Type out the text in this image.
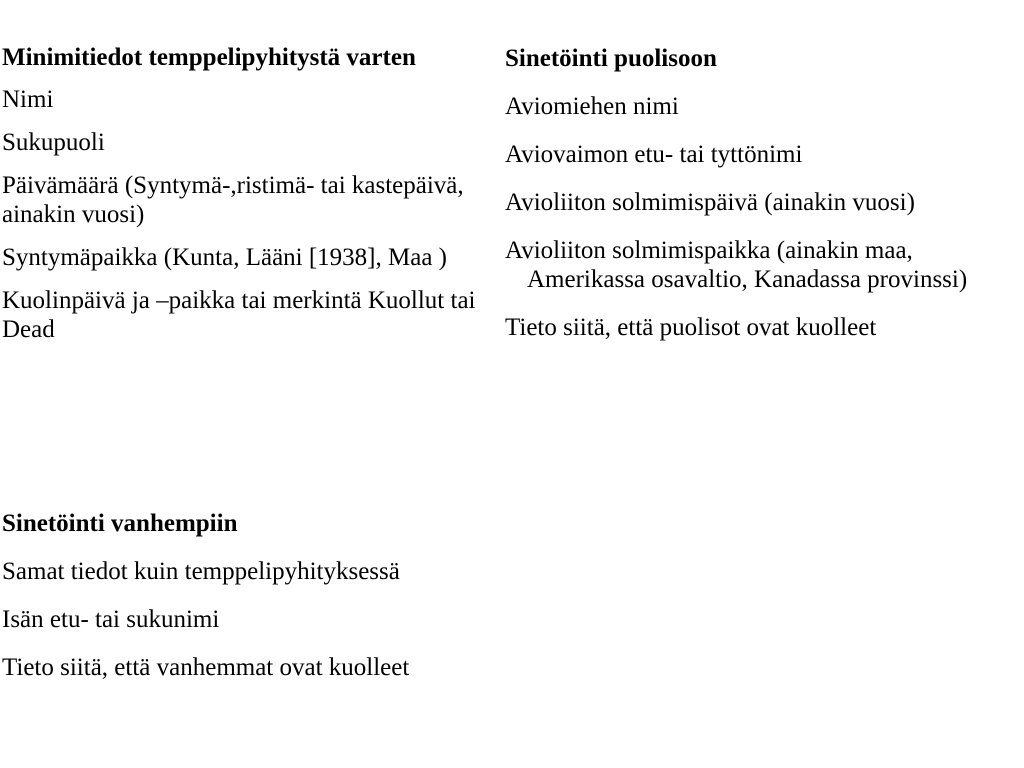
Minimitiedot temppelipyhitystä varten

Nimi

Sukupuoli

Päivämäärä (Syntymä-,ristimä- tai kastepäivä, ainakin vuosi)

Syntymäpaikka (Kunta, Lääni [1938], Maa )

Kuolinpäivä ja –paikka tai merkintä Kuollut tai Dead

Sinetöinti puolisoon

Aviomiehen nimi

Aviovaimon etu- tai tyttönimi

Avioliiton solmimispäivä (ainakin vuosi)

Avioliiton solmimispaikka (ainakin maa, Amerikassa osavaltio, Kanadassa provinssi)

Tieto siitä, että puolisot ovat kuolleet

Sinetöinti vanhempiin

Samat tiedot kuin temppelipyhityksessä

Isän etu- tai sukunimi

Tieto siitä, että vanhemmat ovat kuolleet
